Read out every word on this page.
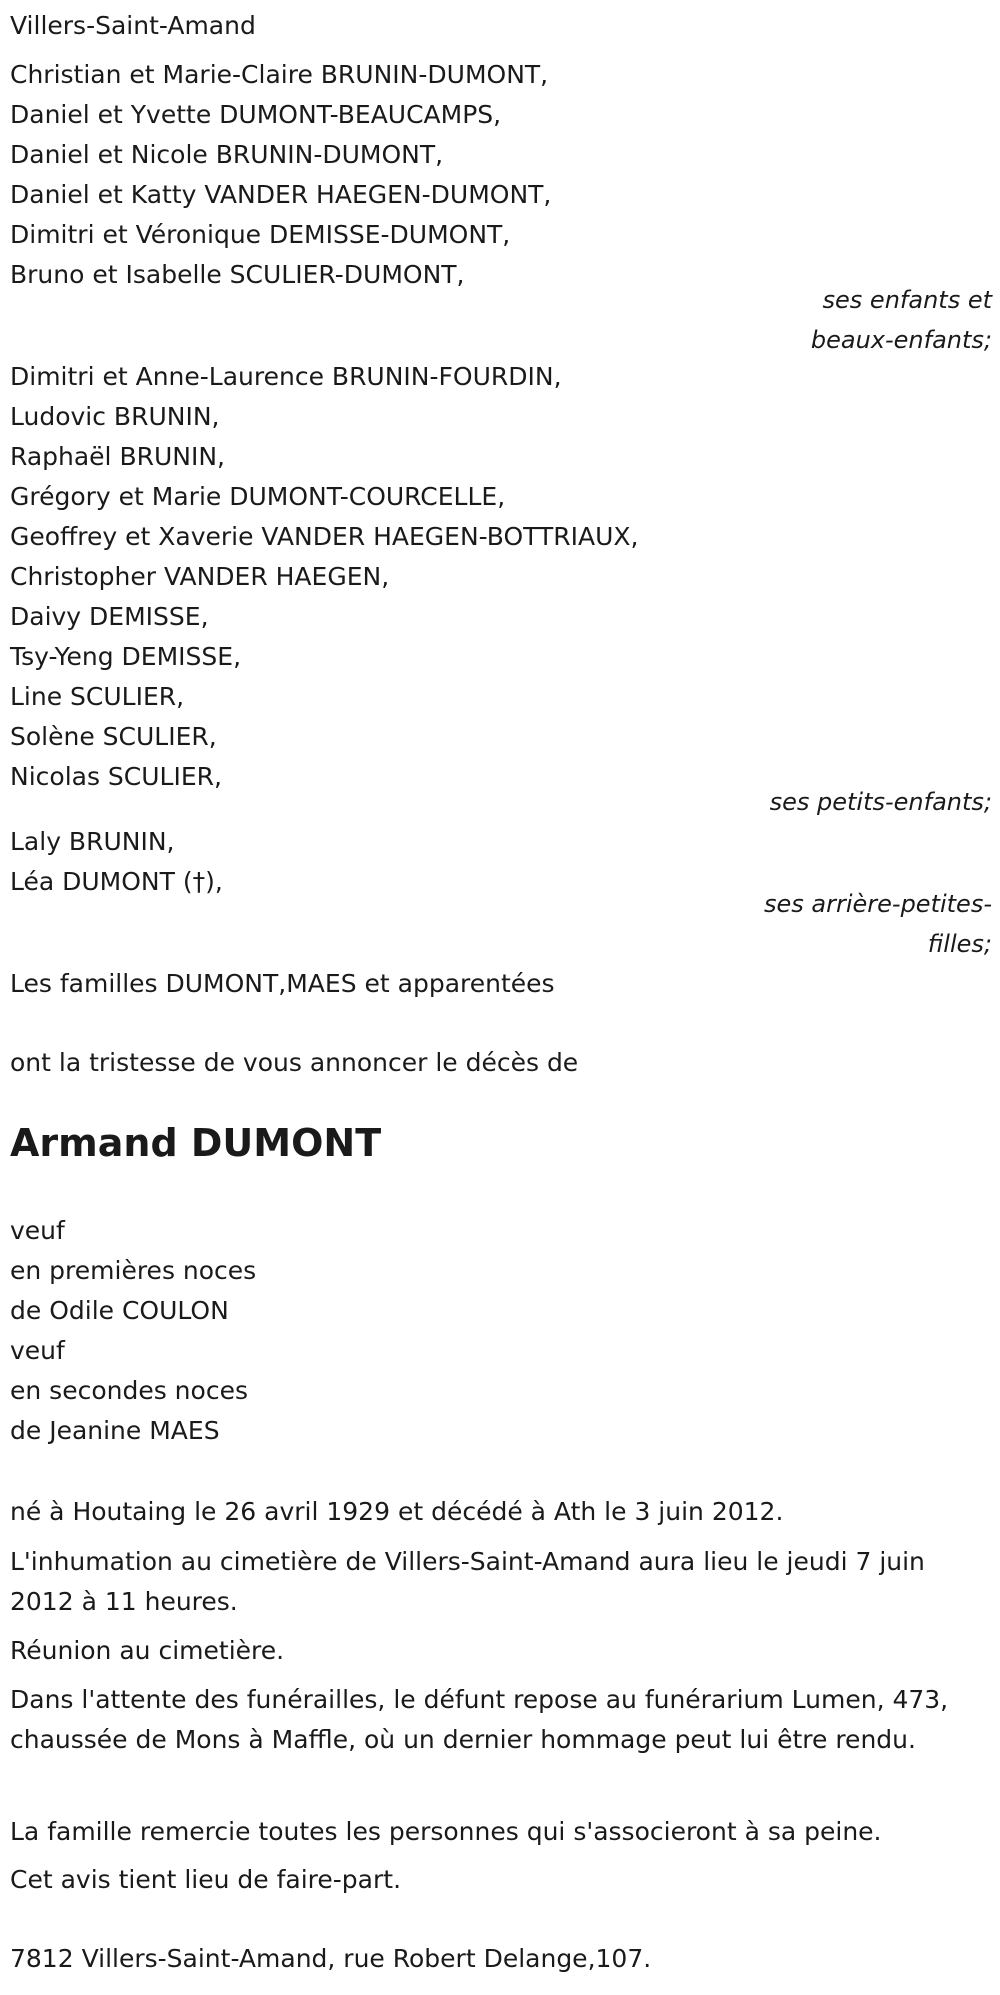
Villers-Saint-Amand
Christian et Marie-Claire BRUNIN-DUMONT,
Daniel et Yvette DUMONT-BEAUCAMPS,
Daniel et Nicole BRUNIN-DUMONT,
Daniel et Katty VANDER HAEGEN-DUMONT,
Dimitri et Véronique DEMISSE-DUMONT,
Bruno et Isabelle SCULIER-DUMONT,
ses enfants et
beaux-enfants;
Dimitri et Anne-Laurence BRUNIN-FOURDIN,
Ludovic BRUNIN,
Raphaël BRUNIN,
Grégory et Marie DUMONT-COURCELLE,
Geoffrey et Xaverie VANDER HAEGEN-BOTTRIAUX,
Christopher VANDER HAEGEN,
Daivy DEMISSE,
Tsy-Yeng DEMISSE,
Line SCULIER,
Solène SCULIER,
Nicolas SCULIER,
ses petits-enfants;
Laly BRUNIN,
Léa DUMONT (†),
ses arrière-petites-
filles;
Les familles DUMONT,MAES et apparentées
ont la tristesse de vous annoncer le décès de
Armand DUMONT
veuf
en premières noces
de Odile COULON
veuf
en secondes noces
de Jeanine MAES
né à Houtaing le 26 avril 1929 et décédé à Ath le 3 juin 2012.
L'inhumation au cimetière de Villers-Saint-Amand aura lieu le jeudi 7 juin 2012 à 11 heures.
Réunion au cimetière.
Dans l'attente des funérailles, le défunt repose au funérarium Lumen, 473, chaussée de Mons à Maffle, où un dernier hommage peut lui être rendu.
La famille remercie toutes les personnes qui s'associeront à sa peine.
Cet avis tient lieu de faire-part.
7812 Villers-Saint-Amand, rue Robert Delange,107.
